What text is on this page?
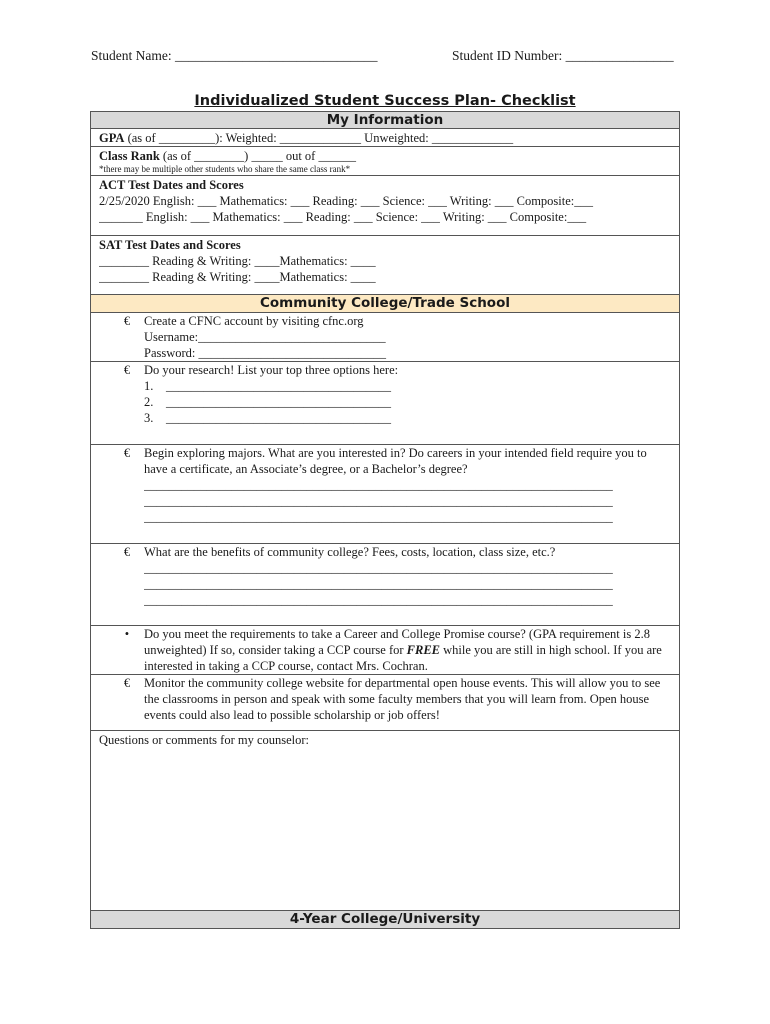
Student Name: ______________________________	Student ID Number: ________________
Individualized Student Success Plan- Checklist
My Information
GPA (as of _________): Weighted: _____________ Unweighted: _____________
Class Rank (as of ________) _____ out of ______
*there may be multiple other students who share the same class rank*
ACT Test Dates and Scores
2/25/2020 English: ___ Mathematics: ___ Reading: ___ Science: ___ Writing: ___ Composite:___
_______ English: ___ Mathematics: ___ Reading: ___ Science: ___ Writing: ___ Composite:___
SAT Test Dates and Scores
________ Reading & Writing: ____Mathematics: ____
________ Reading & Writing: ____Mathematics: ____
Community College/Trade School
€ Create a CFNC account by visiting cfnc.org
Username:______________________________
Password: ______________________________
€ Do your research! List your top three options here:
1. ____________________________________
2. ____________________________________
3. ____________________________________
€ Begin exploring majors. What are you interested in? Do careers in your intended field require you to have a certificate, an Associate’s degree, or a Bachelor’s degree?
___________________________________________________________________________
___________________________________________________________________________
___________________________________________________________________________
€ What are the benefits of community college? Fees, costs, location, class size, etc.?
___________________________________________________________________________
___________________________________________________________________________
___________________________________________________________________________
•	Do you meet the requirements to take a Career and College Promise course? (GPA requirement is 2.8 unweighted) If so, consider taking a CCP course for FREE while you are still in high school. If you are interested in taking a CCP course, contact Mrs. Cochran.
€ Monitor the community college website for departmental open house events. This will allow you to see the classrooms in person and speak with some faculty members that you will learn from. Open house events could also lead to possible scholarship or job offers!
Questions or comments for my counselor:
4-Year College/University
